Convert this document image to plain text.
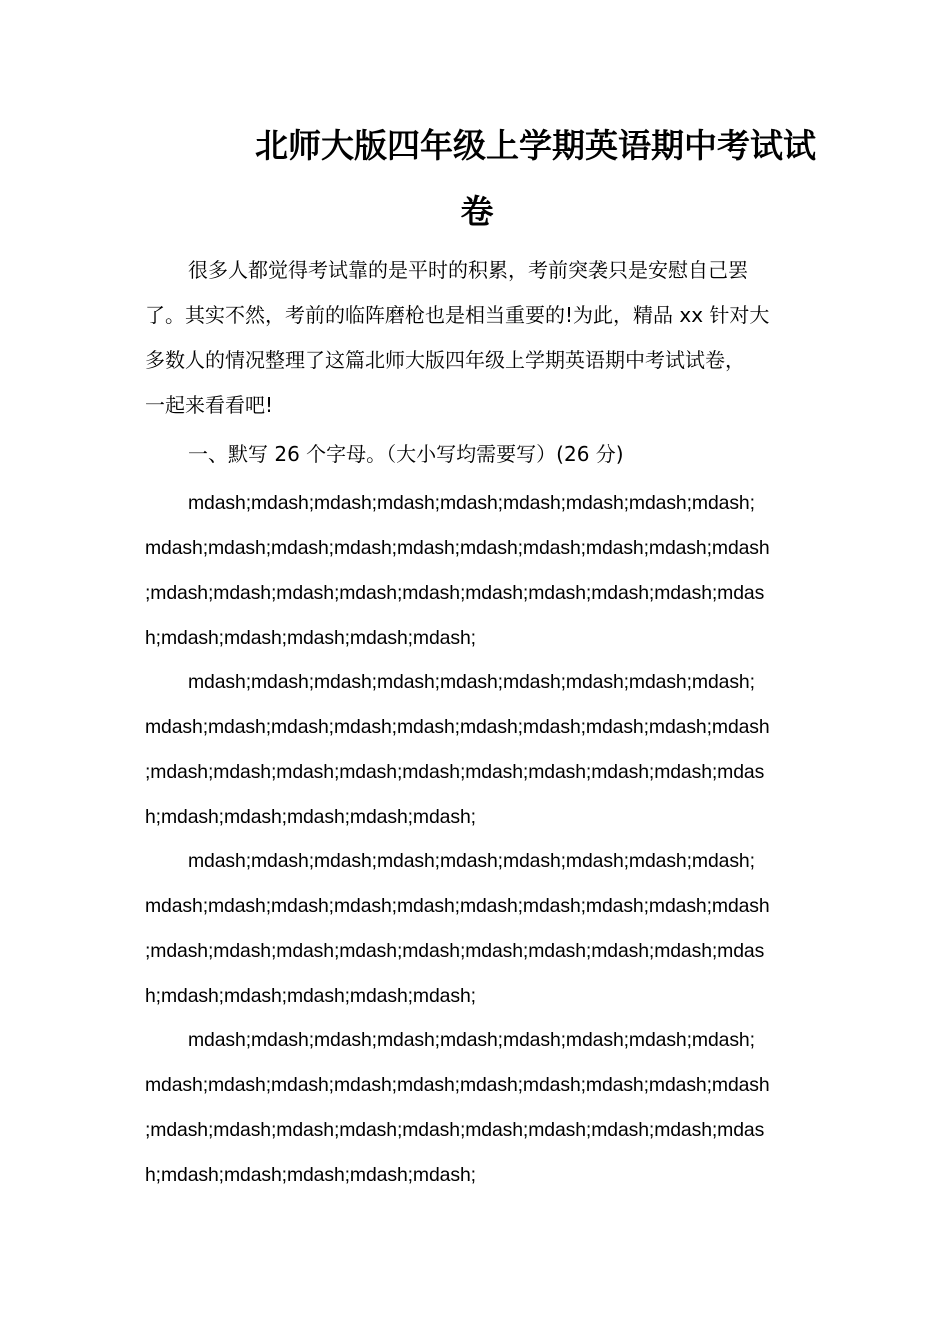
北师大版四年级上学期英语期中考试试
卷
很多人都觉得考试靠的是平时的积累，考前突袭只是安慰自己罢
了。其实不然，考前的临阵磨枪也是相当重要的!为此，精品 xx 针对大
多数人的情况整理了这篇北师大版四年级上学期英语期中考试试卷，
一起来看看吧!
一、默写 26 个字母。（大小写均需要写）(26 分)
mdash;mdash;mdash;mdash;mdash;mdash;mdash;mdash;mdash;
mdash;mdash;mdash;mdash;mdash;mdash;mdash;mdash;mdash;mdash
;mdash;mdash;mdash;mdash;mdash;mdash;mdash;mdash;mdash;mdas
h;mdash;mdash;mdash;mdash;mdash;
mdash;mdash;mdash;mdash;mdash;mdash;mdash;mdash;mdash;
mdash;mdash;mdash;mdash;mdash;mdash;mdash;mdash;mdash;mdash
;mdash;mdash;mdash;mdash;mdash;mdash;mdash;mdash;mdash;mdas
h;mdash;mdash;mdash;mdash;mdash;
mdash;mdash;mdash;mdash;mdash;mdash;mdash;mdash;mdash;
mdash;mdash;mdash;mdash;mdash;mdash;mdash;mdash;mdash;mdash
;mdash;mdash;mdash;mdash;mdash;mdash;mdash;mdash;mdash;mdas
h;mdash;mdash;mdash;mdash;mdash;
mdash;mdash;mdash;mdash;mdash;mdash;mdash;mdash;mdash;
mdash;mdash;mdash;mdash;mdash;mdash;mdash;mdash;mdash;mdash
;mdash;mdash;mdash;mdash;mdash;mdash;mdash;mdash;mdash;mdas
h;mdash;mdash;mdash;mdash;mdash;
